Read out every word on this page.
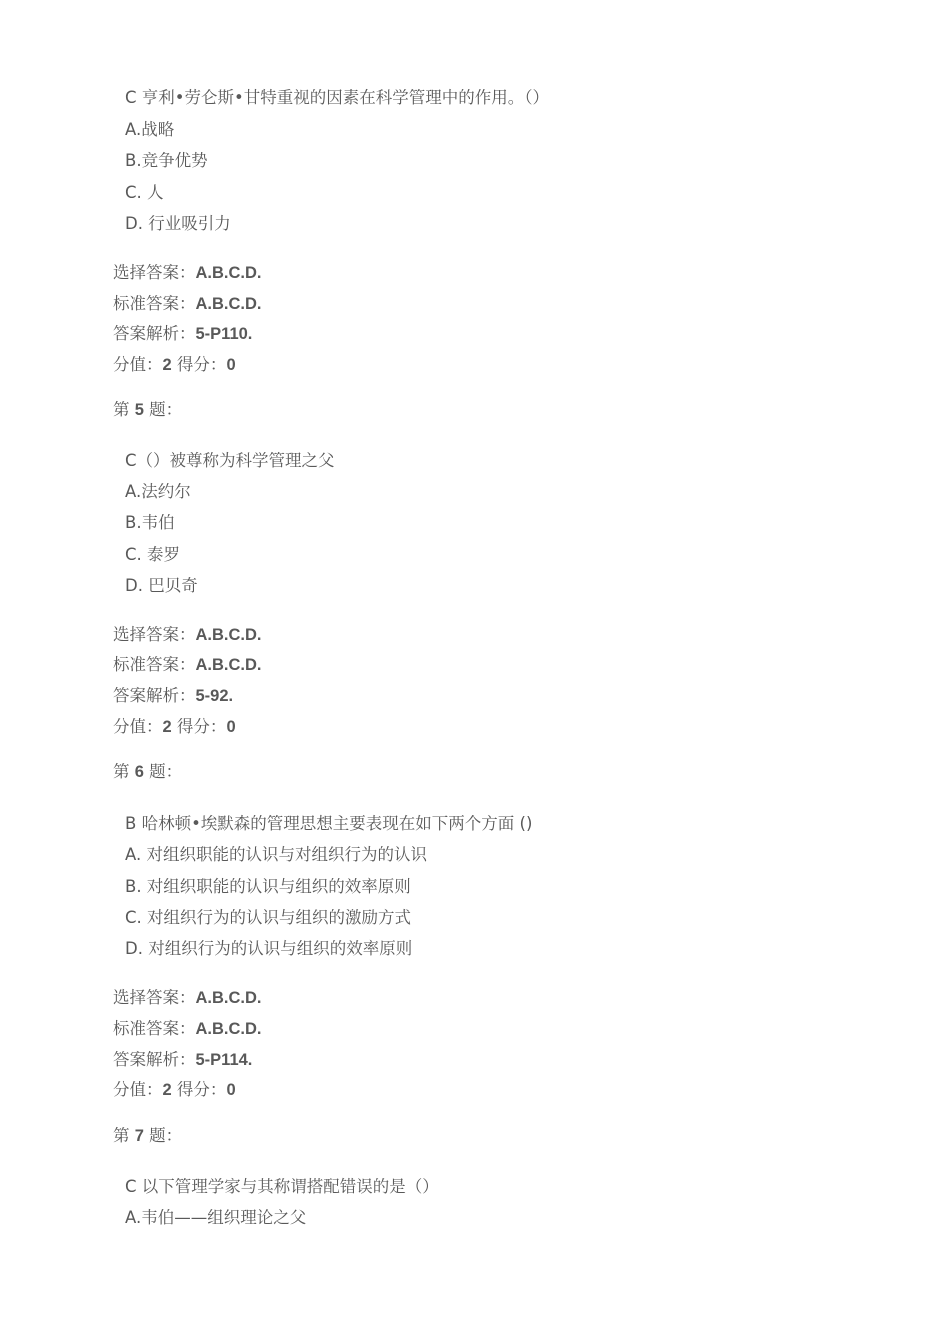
C 亨利•劳仑斯•甘特重视的因素在科学管理中的作用。（）
A.战略
B.竞争优势
C. 人
D. 行业吸引力
选择答案：A.B.C.D.
标准答案：A.B.C.D.
答案解析：5-P110.
分值：2 得分：0
第 5 题：
C（）被尊称为科学管理之父
A.法约尔
B.韦伯
C. 泰罗
D. 巴贝奇
选择答案：A.B.C.D.
标准答案：A.B.C.D.
答案解析：5-92.
分值：2 得分：0
第 6 题：
B 哈林顿•埃默森的管理思想主要表现在如下两个方面 ()
A. 对组织职能的认识与对组织行为的认识
B. 对组织职能的认识与组织的效率原则
C. 对组织行为的认识与组织的激励方式
D. 对组织行为的认识与组织的效率原则
选择答案：A.B.C.D.
标准答案：A.B.C.D.
答案解析：5-P114.
分值：2 得分：0
第 7 题：
C 以下管理学家与其称谓搭配错误的是（）
A.韦伯——组织理论之父
